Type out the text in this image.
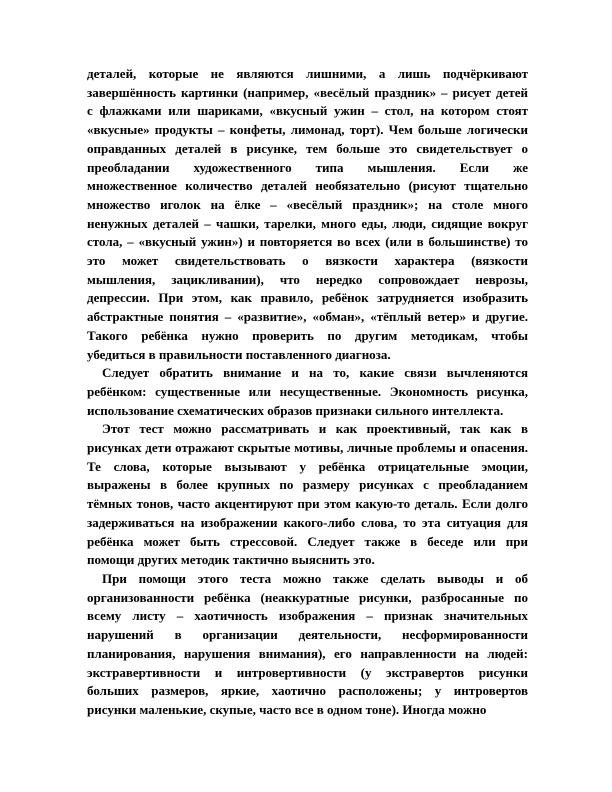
деталей, которые не являются лишними, а лишь подчёркивают
завершённость картинки (например, «весёлый праздник» – рисует детей
с флажками или шариками, «вкусный ужин – стол, на котором стоят
«вкусные» продукты – конфеты, лимонад, торт). Чем больше логически
оправданных деталей в рисунке, тем больше это свидетельствует о
преобладании художественного типа мышления. Если же
множественное количество деталей необязательно (рисуют тщательно
множество иголок на ёлке – «весёлый праздник»; на столе много
ненужных деталей – чашки, тарелки, много еды, люди, сидящие вокруг
стола, – «вкусный ужин») и повторяется во всех (или в большинстве) то
это может свидетельствовать о вязкости характера (вязкости
мышления, зацикливании), что нередко сопровождает неврозы,
депрессии. При этом, как правило, ребёнок затрудняется изобразить
абстрактные понятия – «развитие», «обман», «тёплый ветер» и другие.
Такого ребёнка нужно проверить по другим методикам, чтобы
убедиться в правильности поставленного диагноза.
Следует обратить внимание и на то, какие связи вычленяются
ребёнком: существенные или несущественные. Экономность рисунка,
использование схематических образов признаки сильного интеллекта.
Этот тест можно рассматривать и как проективный, так как в
рисунках дети отражают скрытые мотивы, личные проблемы и опасения.
Те слова, которые вызывают у ребёнка отрицательные эмоции,
выражены в более крупных по размеру рисунках с преобладанием
тёмных тонов, часто акцентируют при этом какую-то деталь. Если долго
задерживаться на изображении какого-либо слова, то эта ситуация для
ребёнка может быть стрессовой. Следует также в беседе или при
помощи других методик тактично выяснить это.
При помощи этого теста можно также сделать выводы и об
организованности ребёнка (неаккуратные рисунки, разбросанные по
всему листу – хаотичность изображения – признак значительных
нарушений в организации деятельности, несформированности
планирования, нарушения внимания), его направленности на людей:
экстравертивности и интровертивности (у экстравертов рисунки
больших размеров, яркие, хаотично расположены; у интровертов
рисунки маленькие, скупые, часто все в одном тоне). Иногда можно
